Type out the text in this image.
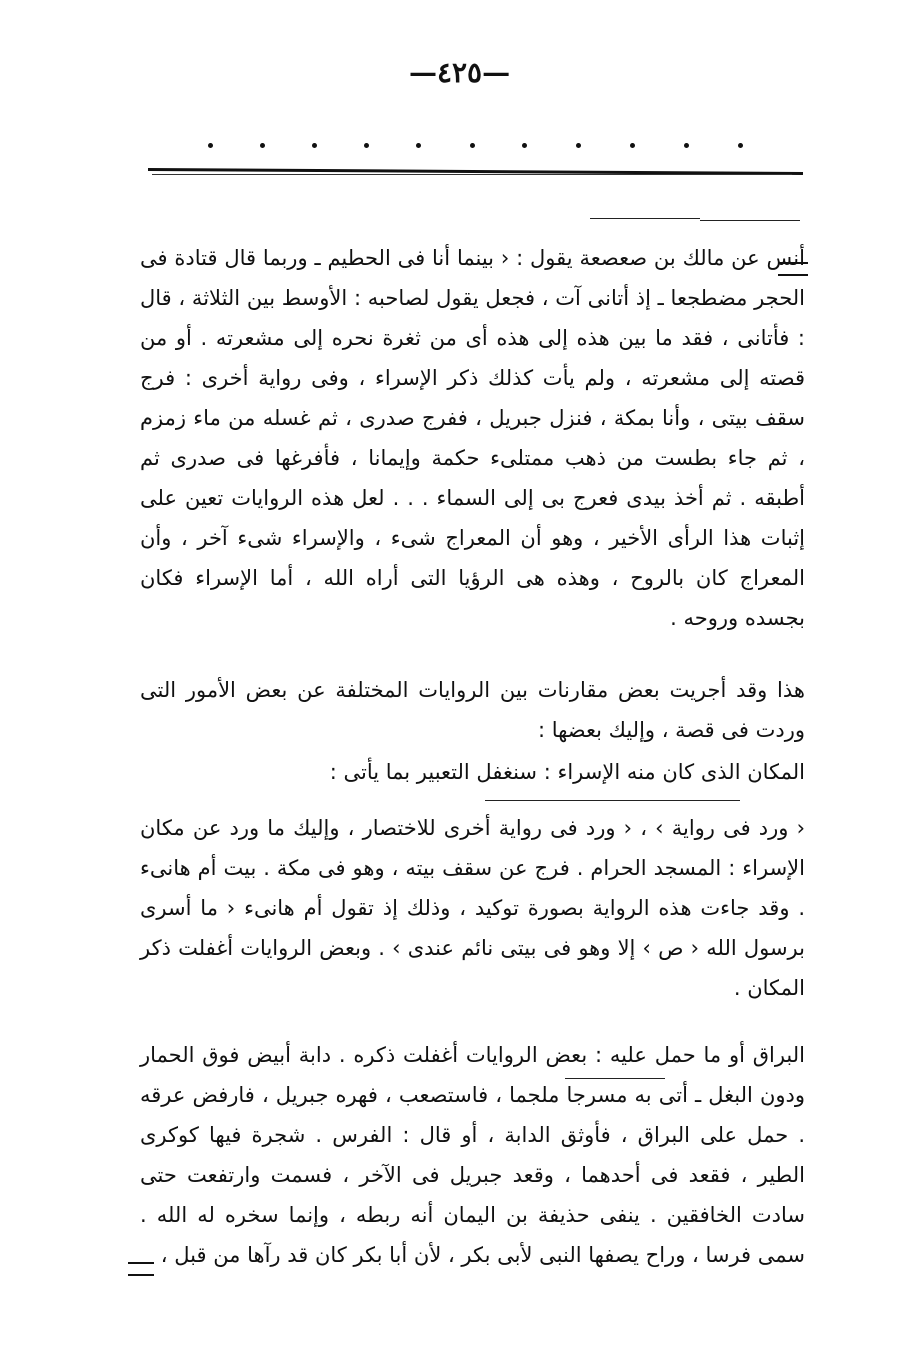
—٤٢٥—

أنس عن مالك بن صعصعة يقول : ‹ بينما أنا فى الحطيم ـ وربما قال قتادة فى الحجر مضطجعا ـ إذ أتانى آت ، فجعل يقول لصاحبه : الأوسط بين الثلاثة ، قال : فأتانى ، فقد ما بين هذه إلى هذه أى من ثغرة نحره إلى مشعرته . أو من قصته إلى مشعرته ، ولم يأت كذلك ذكر الإسراء ، وفى رواية أخرى : فرج سقف بيتى ، وأنا بمكة ، فنزل جبريل ، ففرج صدرى ، ثم غسله من ماء زمزم ، ثم جاء بطست من ذهب ممتلىء حكمة وإيمانا ، فأفرغها فى صدرى ثم أطبقه . ثم أخذ بيدى فعرج بى إلى السماء . . . لعل هذه الروايات تعين على إثبات هذا الرأى الأخير ، وهو أن المعراج شىء ، والإسراء شىء آخر ، وأن المعراج كان بالروح ، وهذه هى الرؤيا التى أراه الله ، أما الإسراء فكان بجسده وروحه .

هذا وقد أجريت بعض مقارنات بين الروايات المختلفة عن بعض الأمور التى وردت فى قصة ، وإليك بعضها :

المكان الذى كان منه الإسراء : سنغفل التعبير بما يأتى :

‹ ورد فى رواية › ، ‹ ورد فى رواية أخرى للاختصار ، وإليك ما ورد عن مكان الإسراء : المسجد الحرام . فرج عن سقف بيته ، وهو فى مكة . بيت أم هانىء . وقد جاءت هذه الرواية بصورة توكيد ، وذلك إذ تقول أم هانىء ‹ ما أسرى برسول الله ‹ ص › إلا وهو فى بيتى نائم عندى › . وبعض الروايات أغفلت ذكر المكان .

البراق أو ما حمل عليه : بعض الروايات أغفلت ذكره . دابة أبيض فوق الحمار ودون البغل ـ أتى به مسرجا ملجما ، فاستصعب ، فهره جبريل ، فارفض عرقه . حمل على البراق ، فأوثق الدابة ، أو قال : الفرس . شجرة فيها كوكرى الطير ، فقعد فى أحدهما ، وقعد جبريل فى الآخر ، فسمت وارتفعت حتى سادت الخافقين . ينفى حذيفة بن اليمان أنه ربطه ، وإنما سخره له الله . سمى فرسا ، وراح يصفها النبى لأبى بكر ، لأن أبا بكر كان قد رآها من قبل ،
